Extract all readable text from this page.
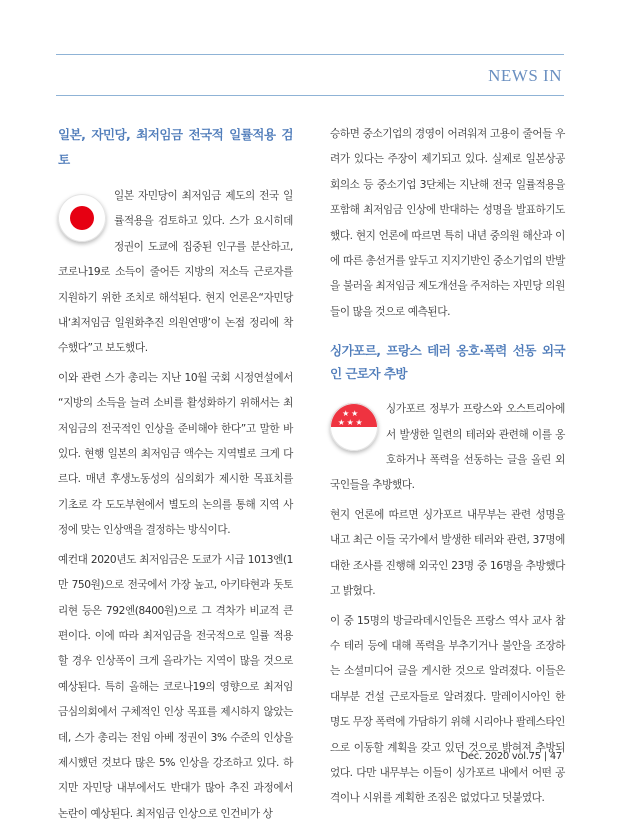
NEWS IN
일본, 자민당, 최저임금 전국적 일률적용 검토

일본 자민당이 최저임금 제도의 전국 일률적용을 검토하고 있다. 스가 요시히데 정권이 도쿄에 집중된 인구를 분산하고, 코로나19로 소득이 줄어든 지방의 저소득 근로자를 지원하기 위한 조치로 해석된다. 현지 언론은“자민당 내‘최저임금 일원화추진 의원연맹’이 논점 정리에 착수했다”고 보도했다.

이와 관련 스가 총리는 지난 10월 국회 시정연설에서 “지방의 소득을 늘려 소비를 활성화하기 위해서는 최저임금의 전국적인 인상을 준비해야 한다”고 말한 바 있다. 현행 일본의 최저임금 액수는 지역별로 크게 다르다. 매년 후생노동성의 심의회가 제시한 목표치를 기초로 각 도도부현에서 별도의 논의를 통해 지역 사정에 맞는 인상액을 결정하는 방식이다.

예컨대 2020년도 최저임금은 도쿄가 시급 1013엔(1만 750원)으로 전국에서 가장 높고, 아키타현과 돗토리현 등은 792엔(8400원)으로 그 격차가 비교적 큰 편이다. 이에 따라 최저임금을 전국적으로 일률 적용할 경우 인상폭이 크게 올라가는 지역이 많을 것으로 예상된다. 특히 올해는 코로나19의 영향으로 최저임금심의회에서 구체적인 인상 목표를 제시하지 않았는데, 스가 총리는 전임 아베 정권이 3% 수준의 인상을 제시했던 것보다 많은 5% 인상을 강조하고 있다. 하지만 자민당 내부에서도 반대가 많아 추진 과정에서 논란이 예상된다. 최저임금 인상으로 인건비가 상

승하면 중소기업의 경영이 어려워져 고용이 줄어들 우려가 있다는 주장이 제기되고 있다. 실제로 일본상공회의소 등 중소기업 3단체는 지난해 전국 일률적용을 포함해 최저임금 인상에 반대하는 성명을 발표하기도 했다. 현지 언론에 따르면 특히 내년 중의원 해산과 이에 따른 총선거를 앞두고 지지기반인 중소기업의 반발을 불러올 최저임금 제도개선을 주저하는 자민당 의원들이 많을 것으로 예측된다.

싱가포르, 프랑스 테러 옹호·폭력 선동 외국인 근로자 추방
★ ★
★ ★ ★

싱가포르 정부가 프랑스와 오스트리아에서 발생한 일련의 테러와 관련해 이를 옹호하거나 폭력을 선동하는 글을 올린 외국인들을 추방했다.

현지 언론에 따르면 싱가포르 내무부는 관련 성명을 내고 최근 이들 국가에서 발생한 테러와 관련, 37명에 대한 조사를 진행해 외국인 23명 중 16명을 추방했다고 밝혔다.

이 중 15명의 방글라데시인들은 프랑스 역사 교사 참수 테러 등에 대해 폭력을 부추기거나 불안을 조장하는 소셜미디어 글을 게시한 것으로 알려졌다. 이들은 대부분 건설 근로자들로 알려졌다. 말레이시아인 한 명도 무장 폭력에 가담하기 위해 시리아나 팔레스타인으로 이동할 계획을 갖고 있던 것으로 밝혀져 추방되었다. 다만 내무부는 이들이 싱가포르 내에서 어떤 공격이나 시위를 계획한 조짐은 없었다고 덧붙였다.

Dec. 2020 vol.75 | 47
